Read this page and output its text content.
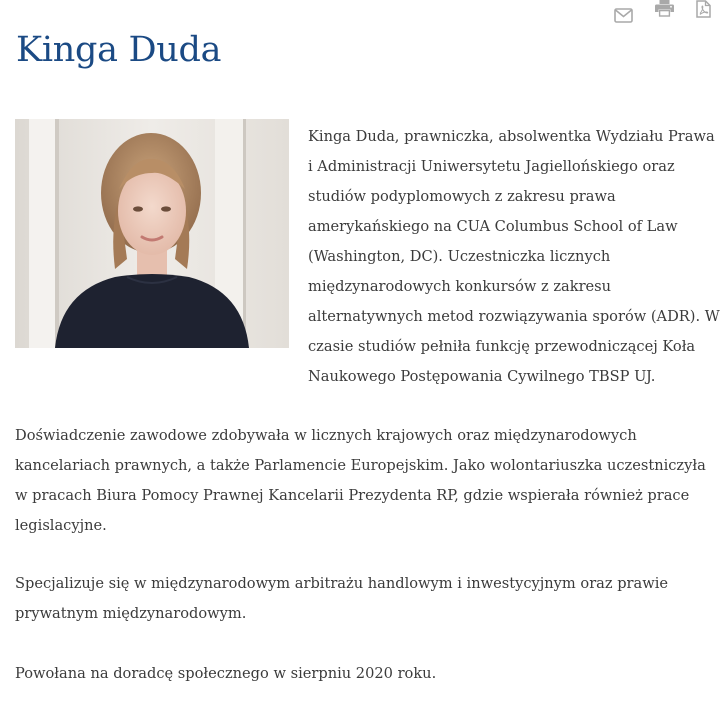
Kinga Duda

Kinga Duda, prawniczka, absolwentka Wydziału Prawa i Administracji Uniwersytetu Jagiellońskiego oraz studiów podyplomowych z zakresu prawa amerykańskiego na CUA Columbus School of Law (Washington, DC). Uczestniczka licznych międzynarodowych konkursów z zakresu alternatywnych metod rozwiązywania sporów (ADR). W czasie studiów pełniła funkcję przewodniczącej Koła Naukowego Postępowania Cywilnego TBSP UJ.

Doświadczenie zawodowe zdobywała w licznych krajowych oraz międzynarodowych kancelariach prawnych, a także Parlamencie Europejskim. Jako wolontariuszka uczestniczyła w pracach Biura Pomocy Prawnej Kancelarii Prezydenta RP, gdzie wspierała również prace legislacyjne.

Specjalizuje się w międzynarodowym arbitrażu handlowym i inwestycyjnym oraz prawie prywatnym międzynarodowym.

Powołana na doradcę społecznego w sierpniu 2020 roku.
